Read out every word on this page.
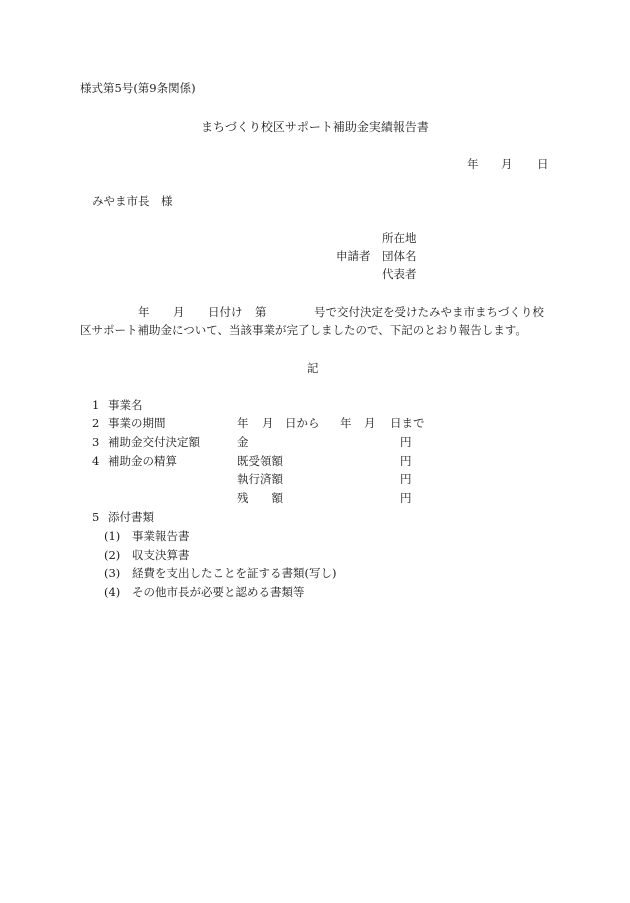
様式第5号(第9条関係)
まちづくり校区サポート補助金実績報告書
年 月 日
みやま市長　様
所在地
申請者 団体名
代表者
年 月 日付け 第	号で交付決定を受けたみやま市まちづくり校
区サポート補助金について、当該事業が完了しましたので、下記のとおり報告します。
記
1 事業名
2 事業の期間	年 月 日から 年 月 日まで
3 補助金交付決定額	金	円
4 補助金の精算	既受領額	円
執行済額	円
残　　額	円
5 添付書類
(1) 事業報告書
(2) 収支決算書
(3) 経費を支出したことを証する書類(写し)
(4) その他市長が必要と認める書類等
